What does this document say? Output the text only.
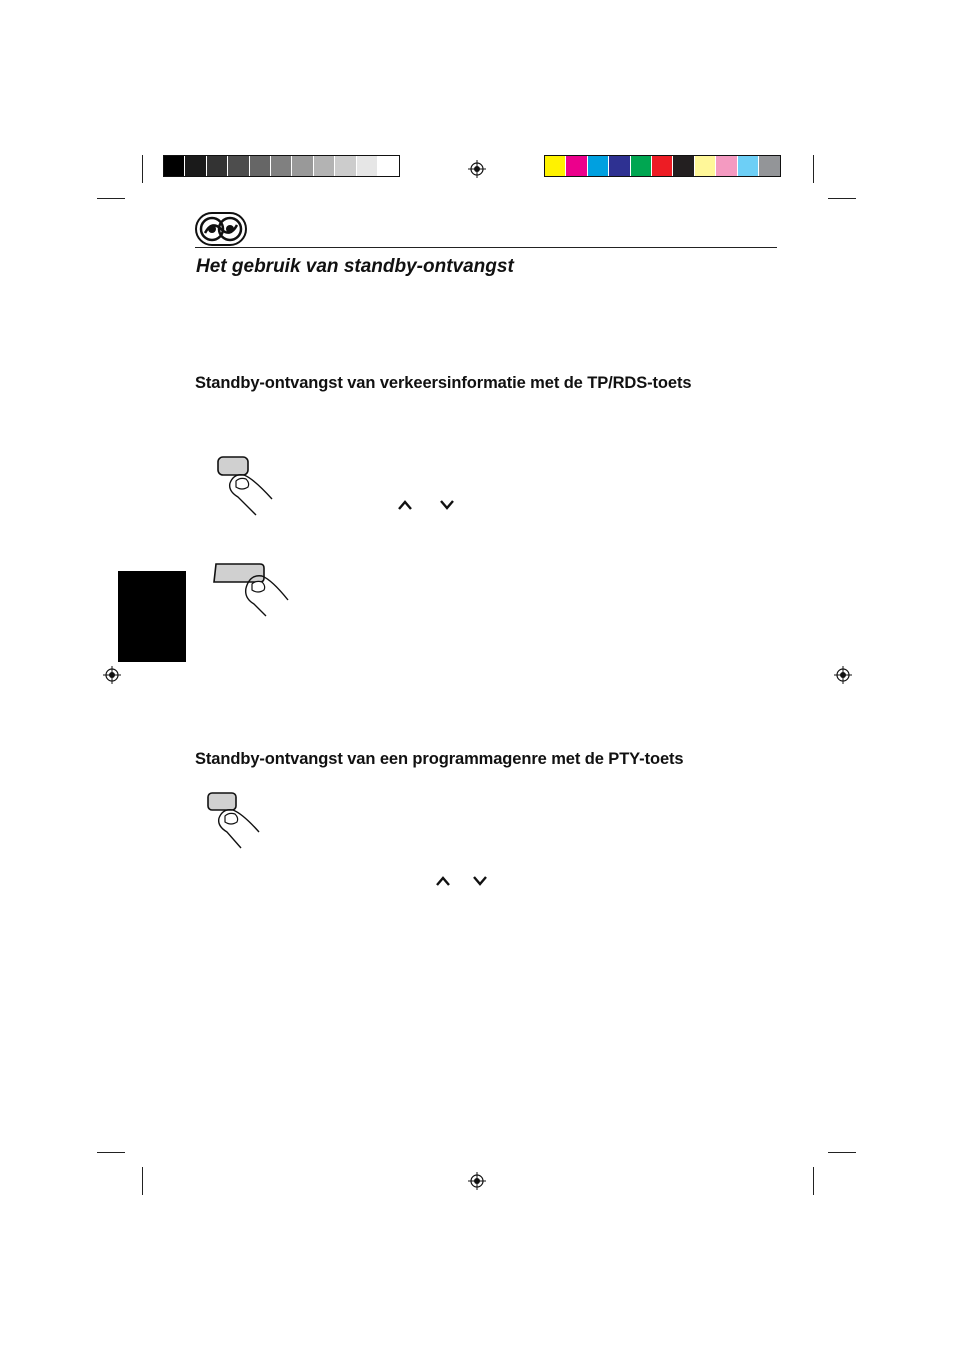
Het gebruik van standby-ontvangst
Standby-ontvangst van verkeersinformatie met de TP/RDS-toets
Standby-ontvangst van een programmagenre met de PTY-toets
